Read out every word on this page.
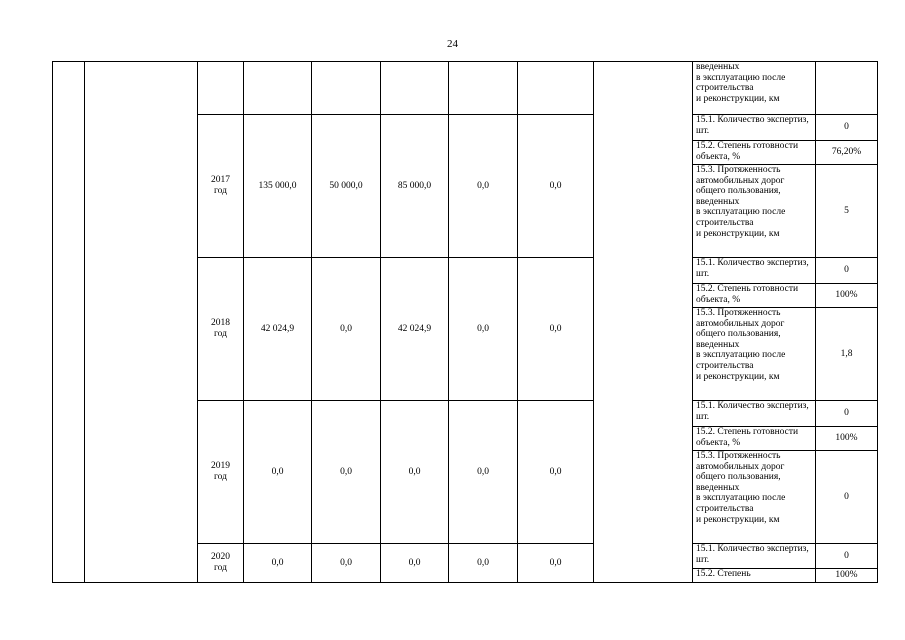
24
									введенных
в эксплуатацию после строительства
и реконструкции, км	
		2017
год	135 000,0	50 000,0	85 000,0	0,0	0,0		15.1. Количество экспертиз, шт.	0
									15.2. Степень готовности объекта, %	76,20%
									15.3. Протяженность автомобильных дорог общего пользования, введенных
в эксплуатацию после строительства
и реконструкции, км	5
		2018
год	42 024,9	0,0	42 024,9	0,0	0,0		15.1. Количество экспертиз, шт.	0
									15.2. Степень готовности объекта, %	100%
									15.3. Протяженность автомобильных дорог общего пользования, введенных
в эксплуатацию после строительства
и реконструкции, км	1,8
		2019
год	0,0	0,0	0,0	0,0	0,0		15.1. Количество экспертиз, шт.	0
									15.2. Степень готовности объекта, %	100%
									15.3. Протяженность автомобильных дорог общего пользования, введенных
в эксплуатацию после строительства
и реконструкции, км	0
		2020
год	0,0	0,0	0,0	0,0	0,0		15.1. Количество экспертиз, шт.	0
									15.2. Степень	100%
